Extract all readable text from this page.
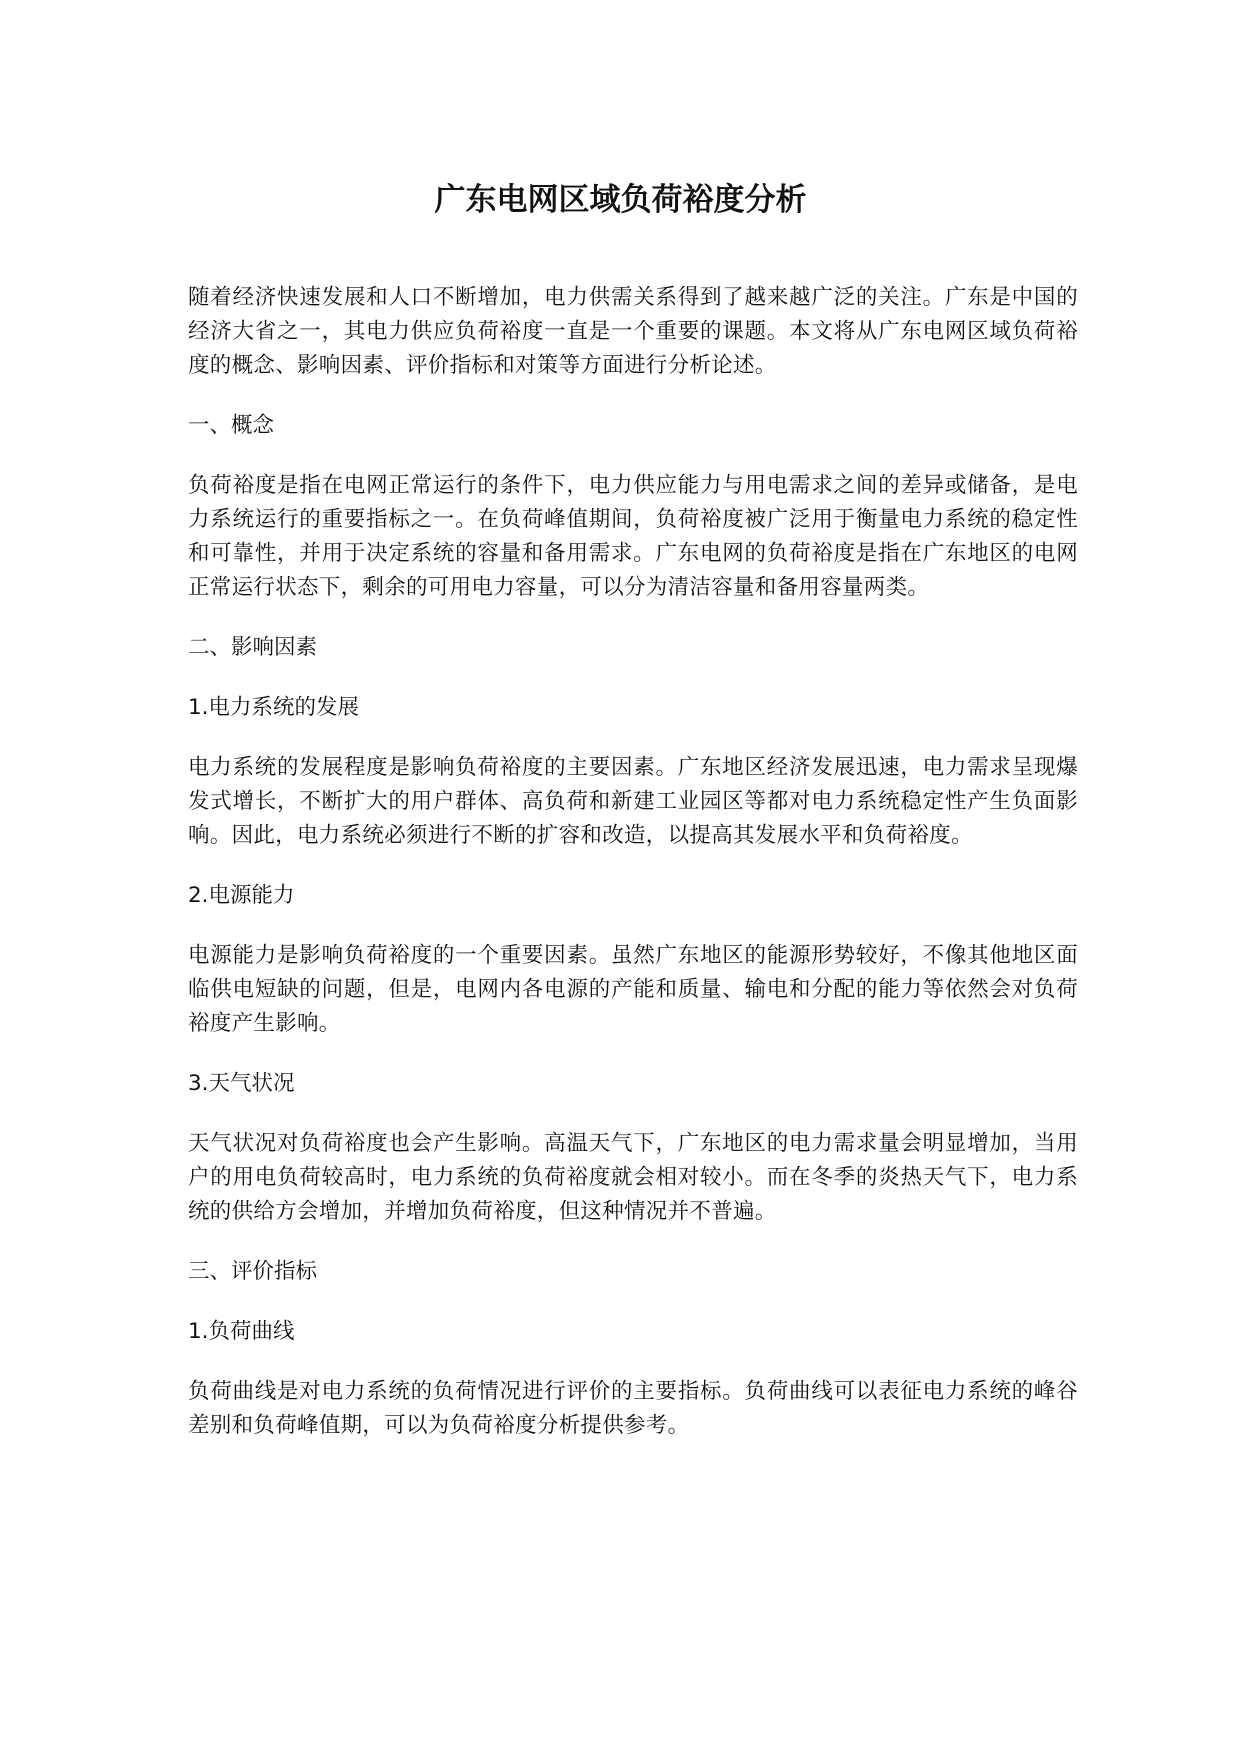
广东电网区域负荷裕度分析

随着经济快速发展和人口不断增加，电力供需关系得到了越来越广泛的关注。广东是中国的经济大省之一，其电力供应负荷裕度一直是一个重要的课题。本文将从广东电网区域负荷裕度的概念、影响因素、评价指标和对策等方面进行分析论述。

一、概念

负荷裕度是指在电网正常运行的条件下，电力供应能力与用电需求之间的差异或储备，是电力系统运行的重要指标之一。在负荷峰值期间，负荷裕度被广泛用于衡量电力系统的稳定性和可靠性，并用于决定系统的容量和备用需求。广东电网的负荷裕度是指在广东地区的电网正常运行状态下，剩余的可用电力容量，可以分为清洁容量和备用容量两类。

二、影响因素

1.电力系统的发展

电力系统的发展程度是影响负荷裕度的主要因素。广东地区经济发展迅速，电力需求呈现爆发式增长，不断扩大的用户群体、高负荷和新建工业园区等都对电力系统稳定性产生负面影响。因此，电力系统必须进行不断的扩容和改造，以提高其发展水平和负荷裕度。

2.电源能力

电源能力是影响负荷裕度的一个重要因素。虽然广东地区的能源形势较好，不像其他地区面临供电短缺的问题，但是，电网内各电源的产能和质量、输电和分配的能力等依然会对负荷裕度产生影响。

3.天气状况

天气状况对负荷裕度也会产生影响。高温天气下，广东地区的电力需求量会明显增加，当用户的用电负荷较高时，电力系统的负荷裕度就会相对较小。而在冬季的炎热天气下，电力系统的供给方会增加，并增加负荷裕度，但这种情况并不普遍。

三、评价指标

1.负荷曲线

负荷曲线是对电力系统的负荷情况进行评价的主要指标。负荷曲线可以表征电力系统的峰谷差别和负荷峰值期，可以为负荷裕度分析提供参考。
